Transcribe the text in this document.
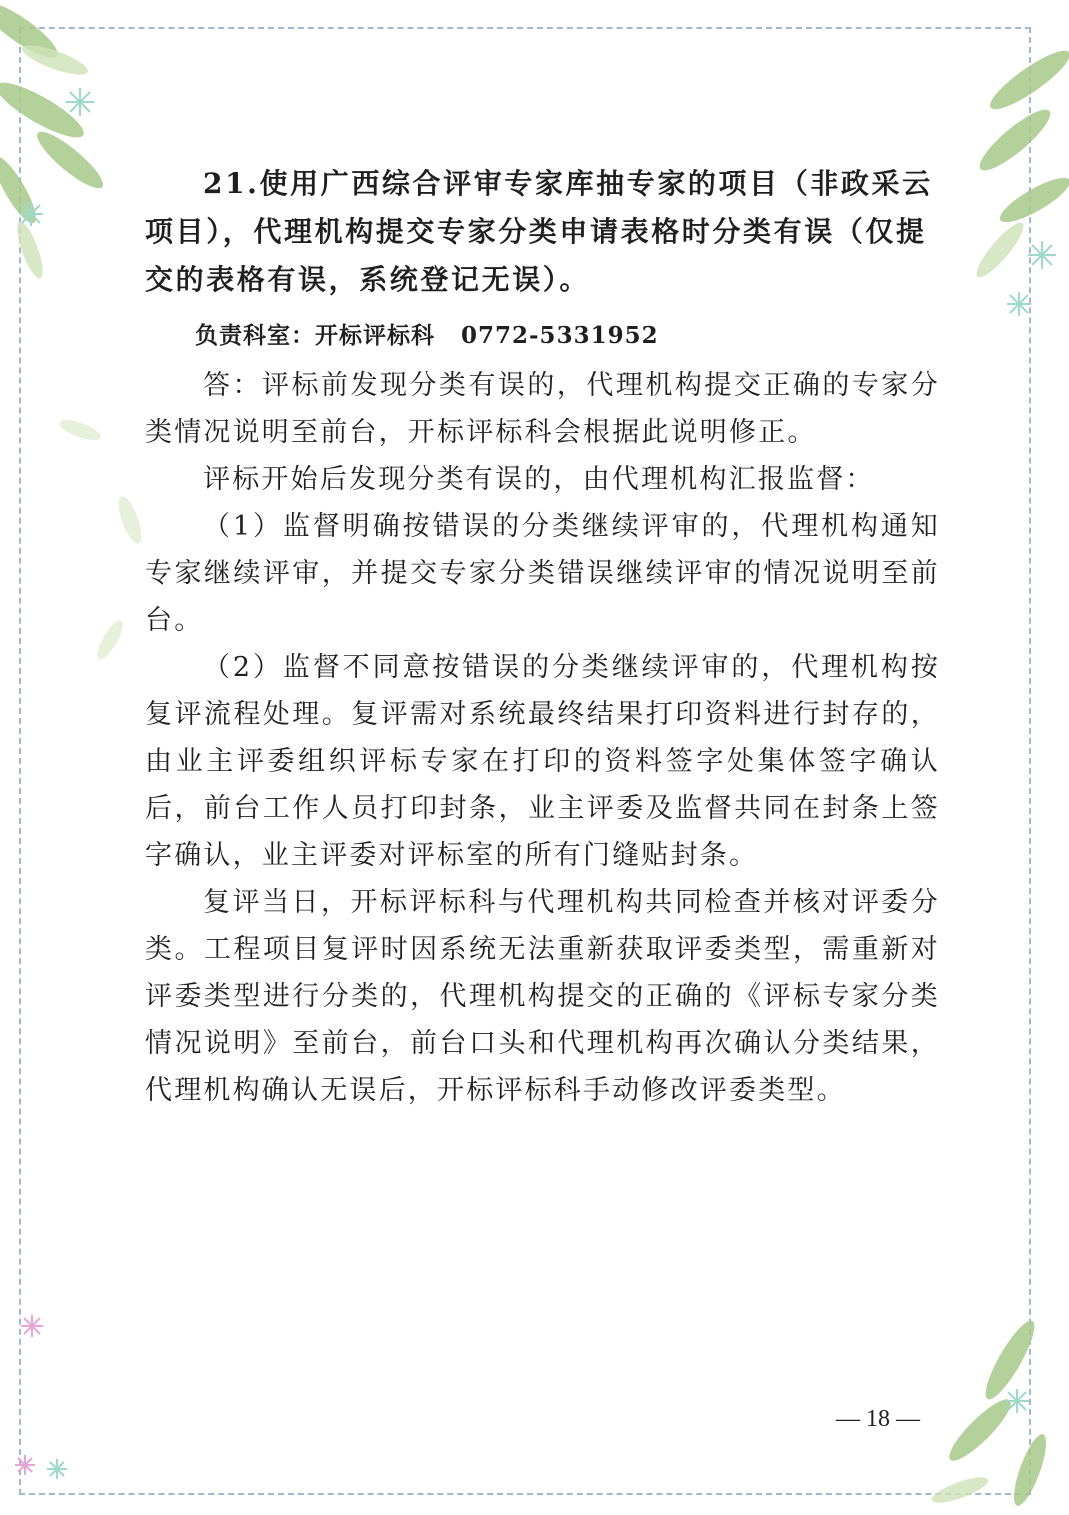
21.使用广西综合评审专家库抽专家的项目（非政采云项目），代理机构提交专家分类申请表格时分类有误（仅提交的表格有误，系统登记无误）。

负责科室：开标评标科 0772-5331952

答：评标前发现分类有误的，代理机构提交正确的专家分类情况说明至前台，开标评标科会根据此说明修正。

评标开始后发现分类有误的，由代理机构汇报监督：

（1）监督明确按错误的分类继续评审的，代理机构通知专家继续评审，并提交专家分类错误继续评审的情况说明至前台。

（2）监督不同意按错误的分类继续评审的，代理机构按复评流程处理。复评需对系统最终结果打印资料进行封存的，由业主评委组织评标专家在打印的资料签字处集体签字确认后，前台工作人员打印封条，业主评委及监督共同在封条上签字确认，业主评委对评标室的所有门缝贴封条。

复评当日，开标评标科与代理机构共同检查并核对评委分类。工程项目复评时因系统无法重新获取评委类型，需重新对评委类型进行分类的，代理机构提交的正确的《评标专家分类情况说明》至前台，前台口头和代理机构再次确认分类结果，代理机构确认无误后，开标评标科手动修改评委类型。

— 18 —
